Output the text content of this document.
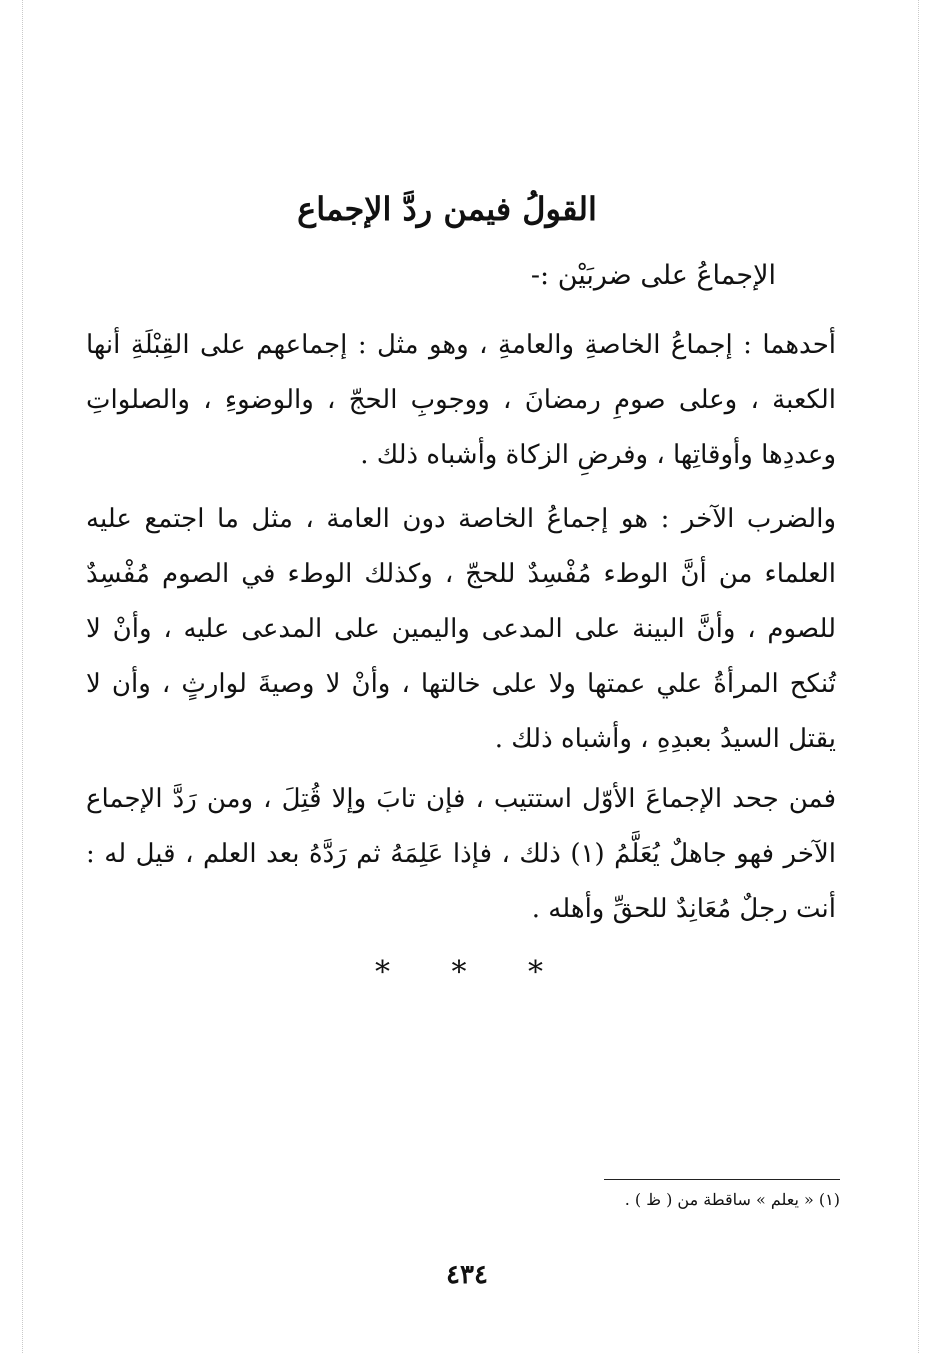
القولُ فيمن ردَّ الإجماع

الإجماعُ على ضربَيْن :-

أحدهما : إجماعُ الخاصةِ والعامةِ ، وهو مثل : إجماعهم على القِبْلَةِ أنها الكعبة ، وعلى صومِ رمضانَ ، ووجوبِ الحجّ ، والوضوءِ ، والصلواتِ وعددِها وأوقاتِها ، وفرضِ الزكاة وأشباه ذلك .

والضرب الآخر : هو إجماعُ الخاصة دون العامة ، مثل ما اجتمع عليه العلماء من أنَّ الوطء مُفْسِدٌ للحجّ ، وكذلك الوطء في الصوم مُفْسِدٌ للصوم ، وأنَّ البينة على المدعى واليمين على المدعى عليه ، وأنْ لا تُنكح المرأةُ علي عمتها ولا على خالتها ، وأنْ لا وصيةَ لوارثٍ ، وأن لا يقتل السيدُ بعبدِهِ ، وأشباه ذلك .

فمن جحد الإجماعَ الأوّل استتيب ، فإن تابَ وإلا قُتِلَ ، ومن رَدَّ الإجماع الآخر فهو جاهلٌ يُعَلَّمُ (١) ذلك ، فإذا عَلِمَهُ ثم رَدَّهُ بعد العلم ، قيل له : أنت رجلٌ مُعَانِدٌ للحقِّ وأهله .

* * *

(١) « يعلم » ساقطة من ( ظ ) .

٤٣٤
